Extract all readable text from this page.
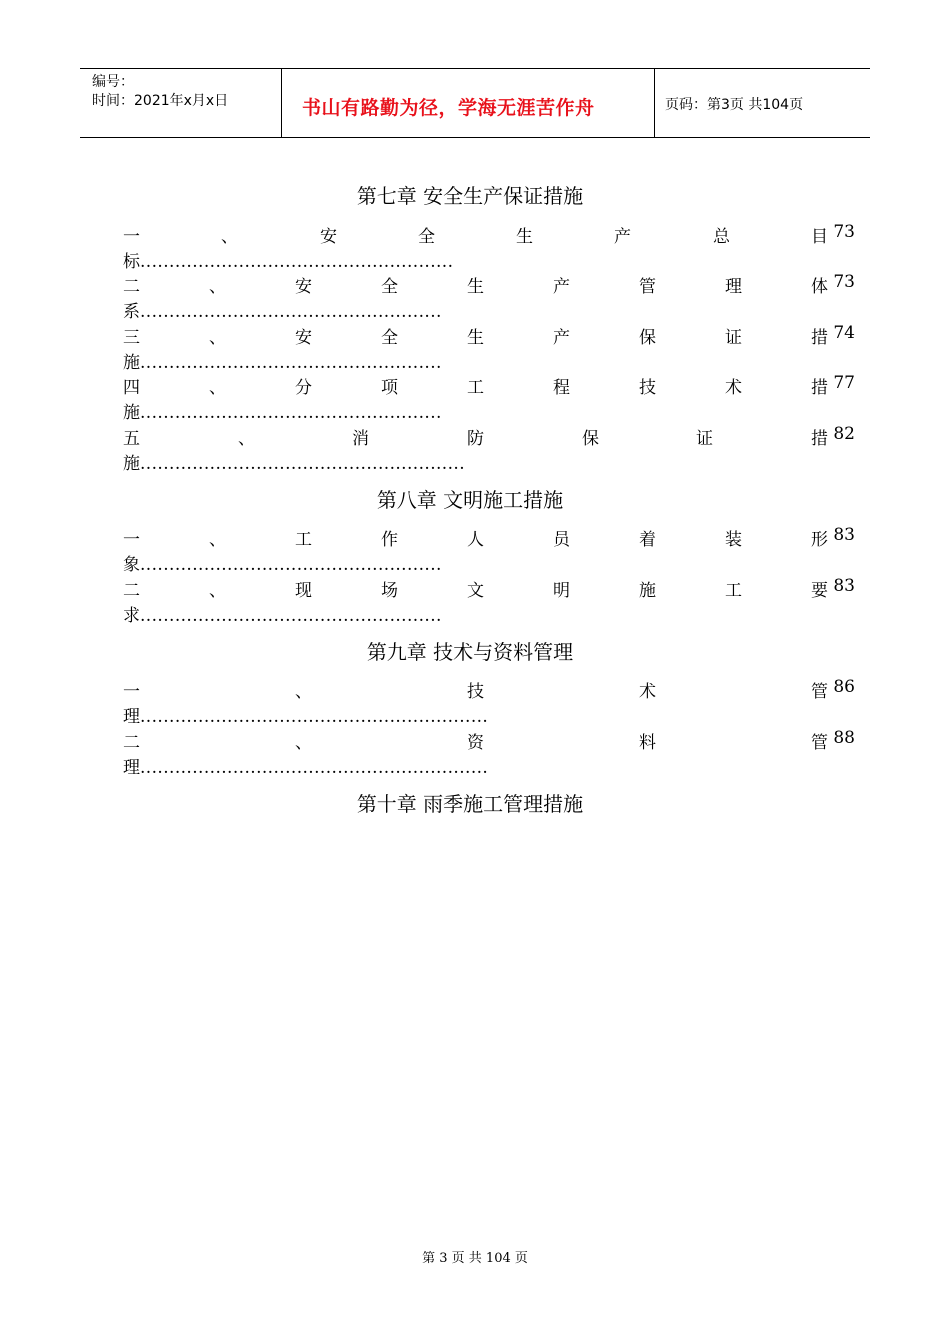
编号：
时间：2021年x月x日	书山有路勤为径，学海无涯苦作舟	页码：第3页 共104页
第七章 安全生产保证措施
一	、	安	全	生	产	总	目 73
标......................................................
二	、	安	全	生	产	管	理	体 73
系....................................................
三	、	安	全	生	产	保	证	措 74
施....................................................
四	、	分	项	工	程	技	术	措 77
施....................................................
五	、	消	防	保	证	措 82
施........................................................
第八章 文明施工措施
一	、	工	作	人	员	着	装	形 83
象....................................................
二	、	现	场	文	明	施	工	要 83
求....................................................
第九章 技术与资料管理
一	、	技	术	管 86
理............................................................
二	、	资	料	管 88
理............................................................
第十章 雨季施工管理措施
第 3 页 共 104 页
